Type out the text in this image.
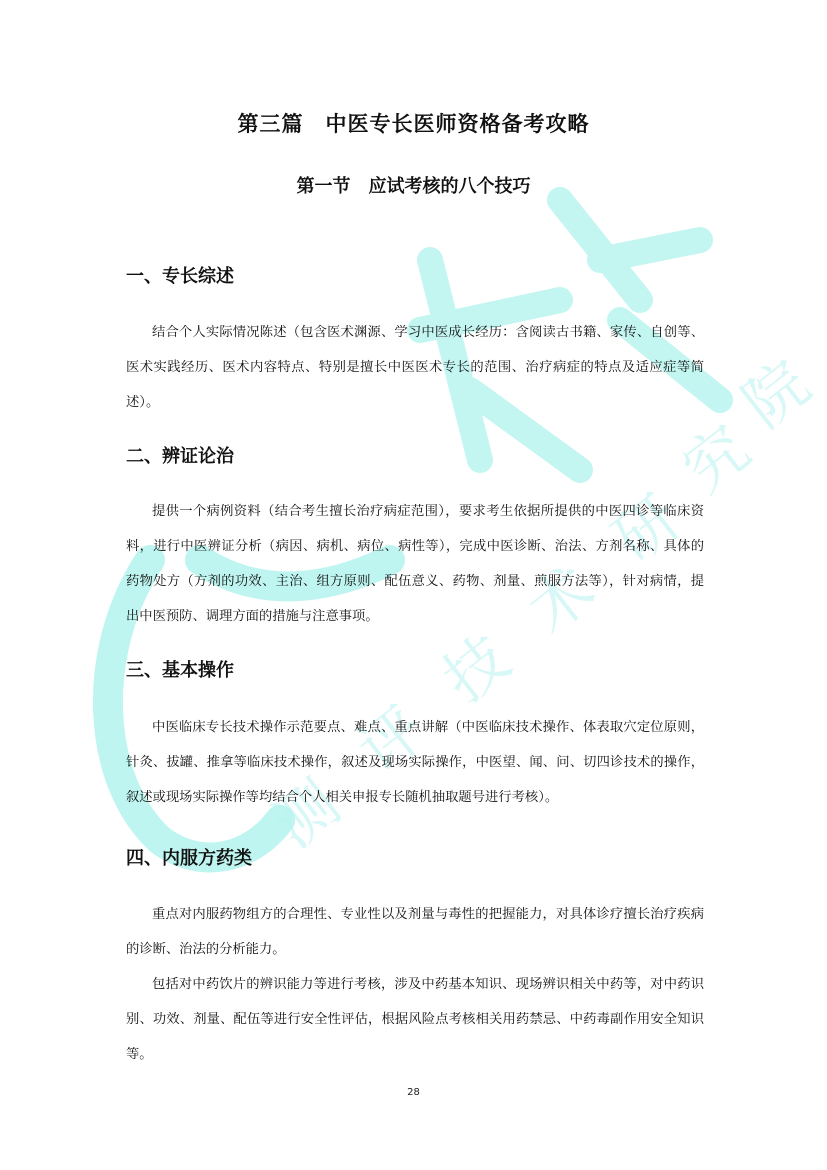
测
评
技
术
研
究
院
第三篇　中医专长医师资格备考攻略
第一节　应试考核的八个技巧
一、专长综述

结合个人实际情况陈述（包含医术渊源、学习中医成长经历：含阅读古书籍、家传、自创等、医术实践经历、医术内容特点、特别是擅长中医医术专长的范围、治疗病症的特点及适应症等简述）。

二、辨证论治

提供一个病例资料（结合考生擅长治疗病症范围），要求考生依据所提供的中医四诊等临床资料，进行中医辨证分析（病因、病机、病位、病性等），完成中医诊断、治法、方剂名称、具体的药物处方（方剂的功效、主治、组方原则、配伍意义、药物、剂量、煎服方法等），针对病情，提出中医预防、调理方面的措施与注意事项。

三、基本操作

中医临床专长技术操作示范要点、难点、重点讲解（中医临床技术操作、体表取穴定位原则，针灸、拔罐、推拿等临床技术操作，叙述及现场实际操作，中医望、闻、问、切四诊技术的操作，叙述或现场实际操作等均结合个人相关申报专长随机抽取题号进行考核）。

四、内服方药类

重点对内服药物组方的合理性、专业性以及剂量与毒性的把握能力，对具体诊疗擅长治疗疾病的诊断、治法的分析能力。

包括对中药饮片的辨识能力等进行考核，涉及中药基本知识、现场辨识相关中药等，对中药识别、功效、剂量、配伍等进行安全性评估，根据风险点考核相关用药禁忌、中药毒副作用安全知识等。

28
